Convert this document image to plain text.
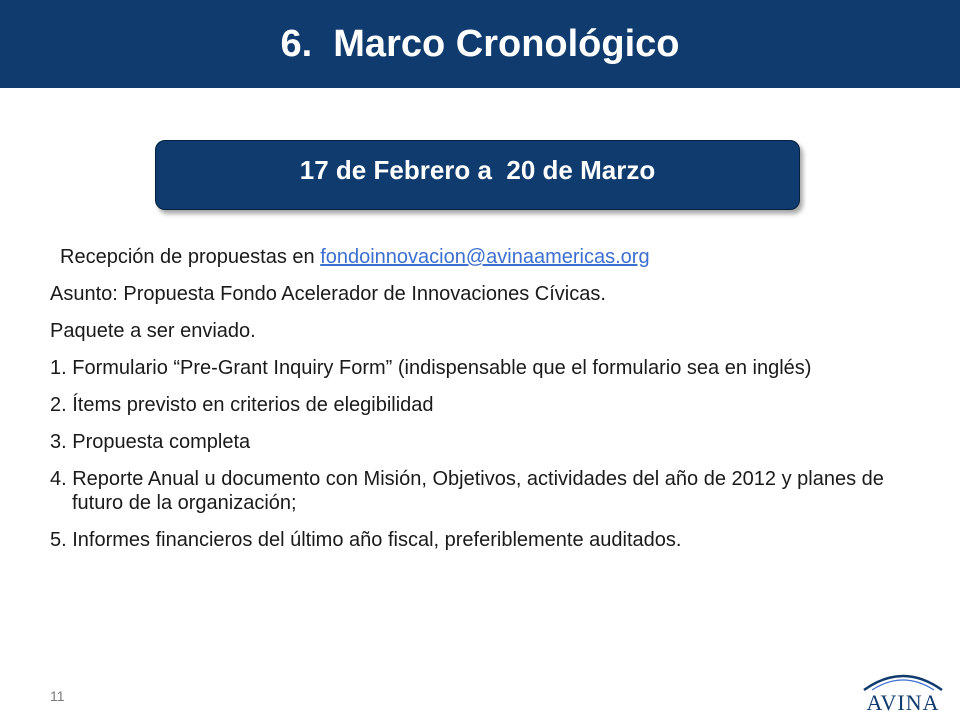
6.  Marco Cronológico
17 de Febrero a  20 de Marzo
Recepción de propuestas en fondoinnovacion@avinaamericas.org
Asunto: Propuesta Fondo Acelerador de Innovaciones Cívicas.
Paquete a ser enviado.
1. Formulario “Pre-Grant Inquiry Form” (indispensable que el formulario sea en inglés)
2. Ítems previsto en criterios de elegibilidad
3. Propuesta completa
4. Reporte Anual u documento con Misión, Objetivos, actividades del año de 2012 y planes de futuro de la organización;
5. Informes financieros del último año fiscal, preferiblemente auditados.
11	AVINA
